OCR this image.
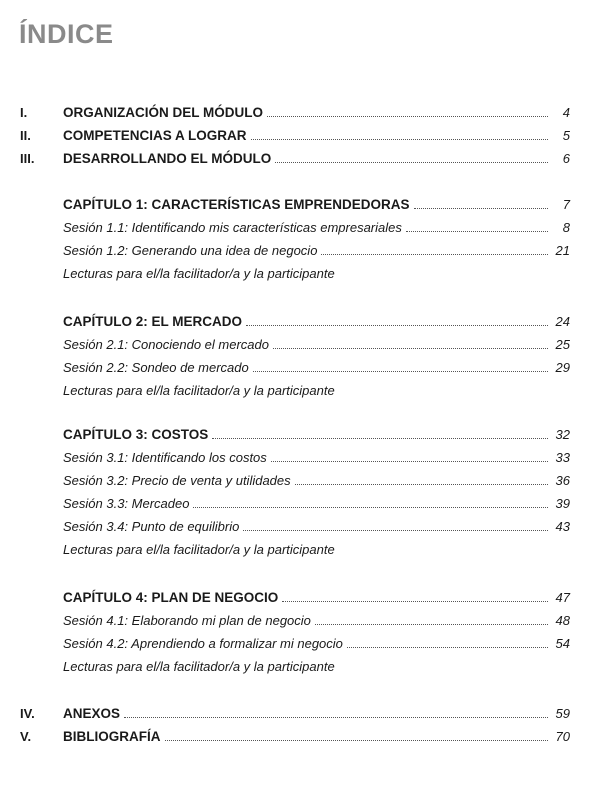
ÍNDICE
I.	ORGANIZACIÓN DEL MÓDULO	4
II. COMPETENCIAS A LOGRAR	5
III. DESARROLLANDO EL MÓDULO	6
CAPÍTULO 1: CARACTERÍSTICAS EMPRENDEDORAS	7
Sesión 1.1: Identificando mis características empresariales	8
Sesión 1.2: Generando una idea de negocio	21
Lecturas para el/la facilitador/a y la participante
CAPÍTULO 2: EL MERCADO	24
Sesión 2.1: Conociendo el mercado	25
Sesión 2.2: Sondeo de mercado	29
Lecturas para el/la facilitador/a y la participante
CAPÍTULO 3: COSTOS	32
Sesión 3.1: Identificando los costos	33
Sesión 3.2: Precio de venta y utilidades	36
Sesión 3.3: Mercadeo	39
Sesión 3.4: Punto de equilibrio	43
Lecturas para el/la facilitador/a y la participante
CAPÍTULO 4: PLAN DE NEGOCIO	47
Sesión 4.1: Elaborando mi plan de negocio	48
Sesión 4.2: Aprendiendo a formalizar mi negocio	54
Lecturas para el/la facilitador/a y la participante
IV. ANEXOS	59
V. BIBLIOGRAFÍA	70
